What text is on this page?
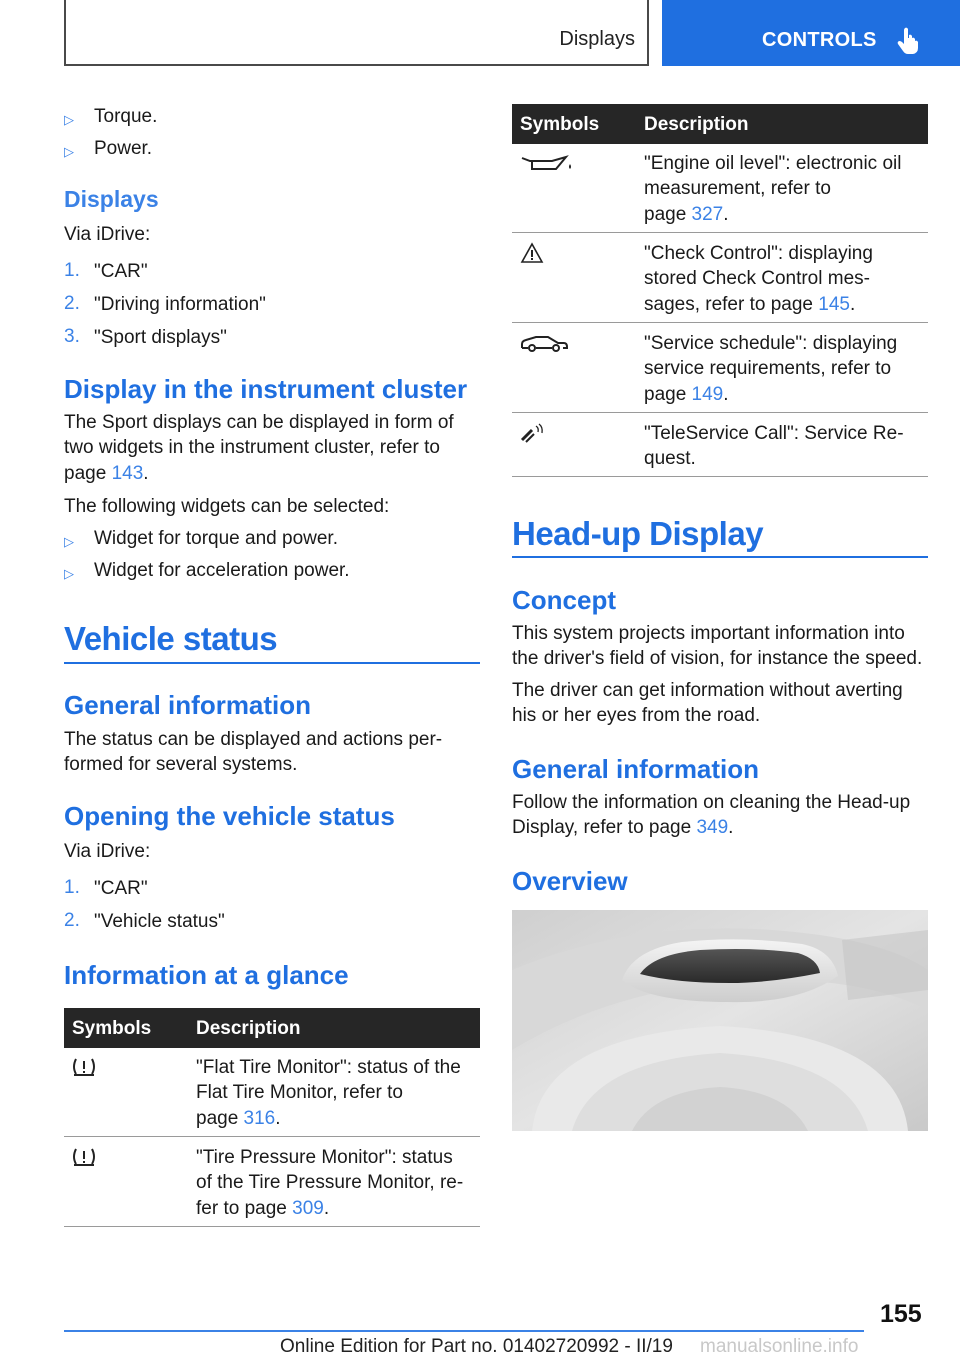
Displays	CONTROLS
▷ Torque.
▷ Power.
Displays
Via iDrive:
1. "CAR"
2. "Driving information"
3. "Sport displays"
Display in the instrument cluster
The Sport displays can be displayed in form of
two widgets in the instrument cluster, refer to
page 143.
The following widgets can be selected:
▷ Widget for torque and power.
▷ Widget for acceleration power.
Vehicle status
General information
The status can be displayed and actions per-
formed for several systems.
Opening the vehicle status
Via iDrive:
1. "CAR"
2. "Vehicle status"
Information at a glance
Symbols Description
"Flat Tire Monitor": status of the
Flat Tire Monitor, refer to
page 316.
"Tire Pressure Monitor": status
of the Tire Pressure Monitor, re-
fer to page 309.
Symbols Description
"Engine oil level": electronic oil
measurement, refer to
page 327.
"Check Control": displaying
stored Check Control mes-
sages, refer to page 145.
"Service schedule": displaying
service requirements, refer to
page 149.
"TeleService Call": Service Re-
quest.
Head-up Display
Concept
This system projects important information into
the driver's field of vision, for instance the speed.
The driver can get information without averting
his or her eyes from the road.
General information
Follow the information on cleaning the Head-up
Display, refer to page 349.
Overview
155
Online Edition for Part no. 01402720992 - II/19 manualsonline.info
